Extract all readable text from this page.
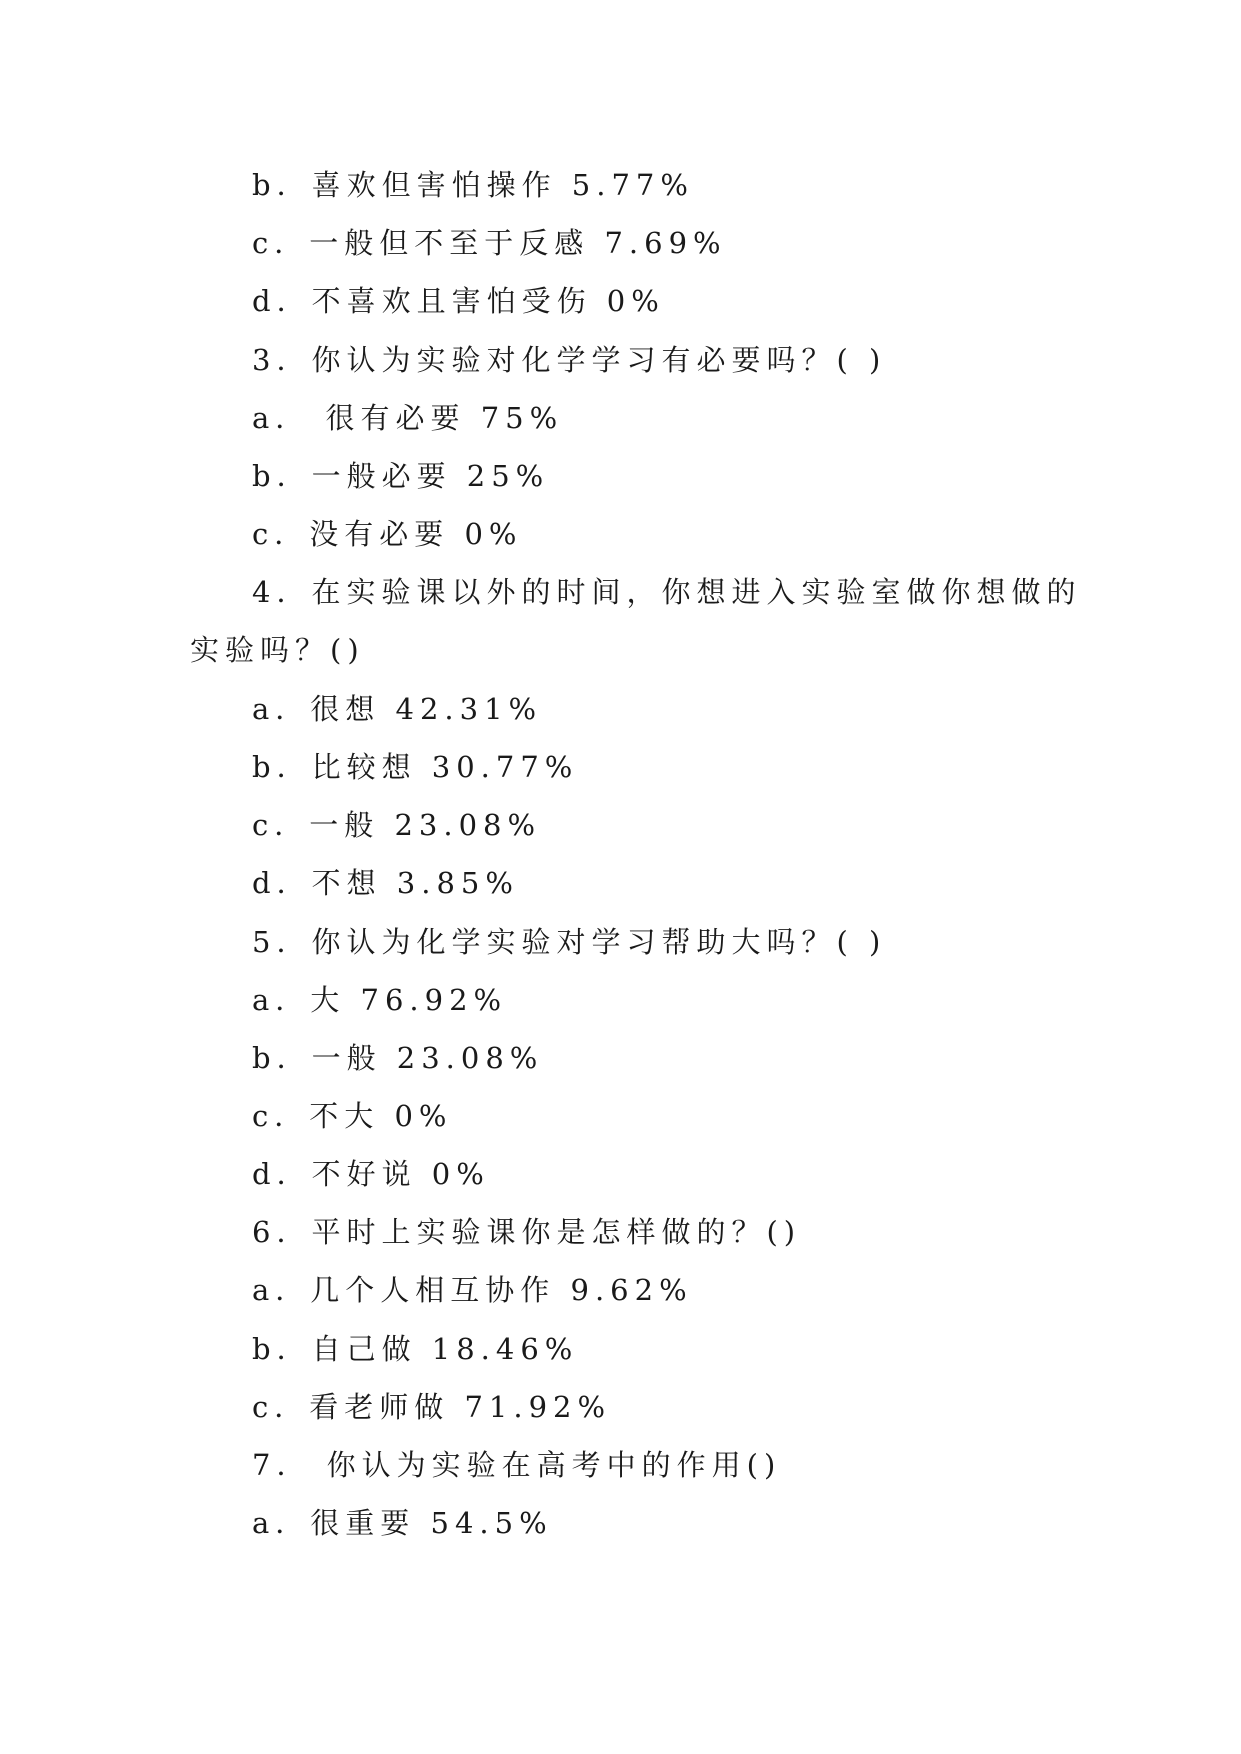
b．喜欢但害怕操作 5.77%
c．一般但不至于反感 7.69%
d．不喜欢且害怕受伤 0%
3．你认为实验对化学学习有必要吗？( )
a． 很有必要 75%
b．一般必要 25%
c．没有必要 0%
4．在实验课以外的时间，你想进入实验室做你想做的
实验吗？()
a．很想 42.31%
b．比较想 30.77%
c．一般 23.08%
d．不想 3.85%
5．你认为化学实验对学习帮助大吗？( )
a．大 76.92%
b．一般 23.08%
c．不大 0%
d．不好说 0%
6．平时上实验课你是怎样做的？()
a．几个人相互协作 9.62%
b．自己做 18.46%
c．看老师做 71.92%
7． 你认为实验在高考中的作用()
a．很重要 54.5%
